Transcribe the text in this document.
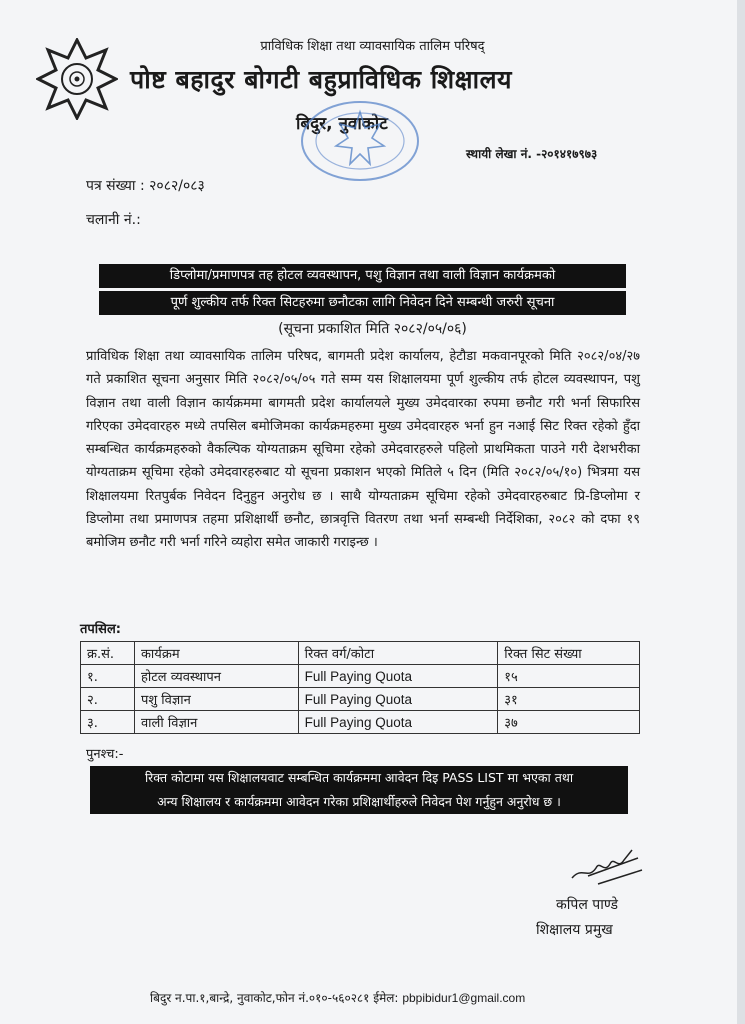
प्राविधिक शिक्षा तथा व्यावसायिक तालिम परिषद्
पोष्ट बहादुर बोगटी बहुप्राविधिक शिक्षालय
बिदुर, नुवाकोट
स्थायी लेखा नं. -२०१४१७९७३
पत्र संख्या : २०८२/०८३
चलानी नं.:
डिप्लोमा/प्रमाणपत्र तह होटल व्यवस्थापन, पशु विज्ञान तथा वाली विज्ञान कार्यक्रमको
पूर्ण शुल्कीय तर्फ रिक्त सिटहरुमा छनौटका लागि निवेदन दिने सम्बन्धी जरुरी सूचना
(सूचना प्रकाशित मिति २०८२/०५/०६)
प्राविधिक शिक्षा तथा व्यावसायिक तालिम परिषद, बागमती प्रदेश कार्यालय, हेटौडा मकवानपूरको मिति २०८२/०४/२७ गते प्रकाशित सूचना अनुसार मिति २०८२/०५/०५ गते सम्म यस शिक्षालयमा पूर्ण शुल्कीय तर्फ होटल व्यवस्थापन, पशु विज्ञान तथा वाली विज्ञान कार्यक्रममा बागमती प्रदेश कार्यालयले मुख्य उमेदवारका रुपमा छनौट गरी भर्ना सिफारिस गरिएका उमेदवारहरु मध्ये तपसिल बमोजिमका कार्यक्रमहरुमा मुख्य उमेदवारहरु भर्ना हुन नआई सिट रिक्त रहेको हुँदा सम्बन्धित कार्यक्रमहरुको वैकल्पिक योग्यताक्रम सूचिमा रहेको उमेदवारहरुले पहिलो प्राथमिकता पाउने गरी देशभरीका योग्यताक्रम सूचिमा रहेको उमेदवारहरुबाट यो सूचना प्रकाशन भएको मितिले ५ दिन (मिति २०८२/०५/१०) भित्रमा यस शिक्षालयमा रितपुर्बक निवेदन दिनुहुन अनुरोध छ । साथै योग्यताक्रम सूचिमा रहेको उमेदवारहरुबाट प्रि-डिप्लोमा र डिप्लोमा तथा प्रमाणपत्र तहमा प्रशिक्षार्थी छनौट, छात्रवृत्ति वितरण तथा भर्ना सम्बन्धी निर्देशिका, २०८२ को दफा १९ बमोजिम छनौट गरी भर्ना गरिने व्यहोरा समेत जाकारी गराइन्छ ।
तपसिल:
क्र.सं.	कार्यक्रम	रिक्त वर्ग/कोटा	रिक्त सिट संख्या
१.	होटल व्यवस्थापन	Full Paying Quota	१५
२.	पशु विज्ञान	Full Paying Quota	३१
३.	वाली विज्ञान	Full Paying Quota	३७
पुनश्च:-
रिक्त कोटामा यस शिक्षालयवाट सम्बन्धित कार्यक्रममा आवेदन दिइ PASS LIST मा भएका तथा
अन्य शिक्षालय र कार्यक्रममा आवेदन गरेका प्रशिक्षार्थीहरुले निवेदन पेश गर्नुहुन अनुरोध छ ।
कपिल पाण्डे
शिक्षालय प्रमुख
बिदुर न.पा.१,बान्द्रे, नुवाकोट,फोन नं.०१०-५६०२८१ ईमेल: pbpibidur1@gmail.com
